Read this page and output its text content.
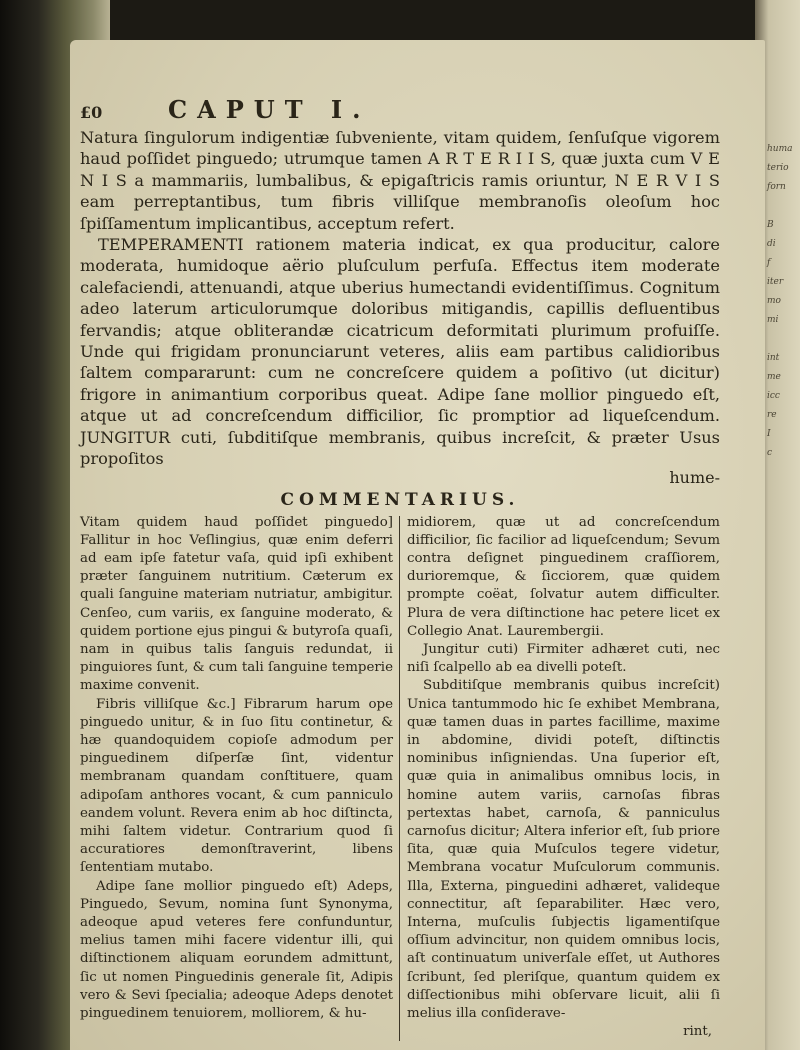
huma
terio
forn

B
di
f
iter
mo
mi

int
me
icc
re
I
c
£0	CAPUT I.

Natura ſingulorum indigentiæ ſubveniente, vitam quidem, ſenſuſque vigorem haud poſſidet pinguedo; utrumque tamen A R T E R I I S, quæ juxta cum V E N I S a mammariis, lumbalibus, & epigaſtricis ramis oriuntur, N E R V I S eam perreptantibus, tum fibris villiſque membranoſis oleoſum hoc ſpiſſamentum implicantibus, acceptum refert.

TEMPERAMENTI rationem materia indicat, ex qua producitur, calore moderata, humidoque aërio pluſculum perfuſa. Effectus item moderate calefaciendi, attenuandi, atque uberius humectandi evidentiſſimus. Cognitum adeo laterum articulorumque doloribus mitigandis, capillis defluentibus fervandis; atque obliterandæ cicatricum deformitati plurimum profuiſſe. Unde qui frigidam pronunciarunt veteres, aliis eam partibus calidioribus ſaltem compararunt: cum ne concreſcere quidem a poſitivo (ut dicitur) frigore in animantium corporibus queat. Adipe ſane mollior pinguedo eſt, atque ut ad concreſcendum difficilior, ſic promptior ad liqueſcendum. JUNGITUR cuti, ſubditiſque membranis, quibus increſcit, & præter Usus propoſitos

hume-
COMMENTARIUS.

Vitam quidem haud poſſidet pinguedo] Fallitur in hoc Veſlingius, quæ enim deferri ad eam ipſe fatetur vaſa, quid ipſi exhibent præter ſanguinem nutritium. Cæterum ex quali ſanguine materiam nutriatur, ambigitur. Cenſeo, cum variis, ex ſanguine moderato, & quidem portione ejus pingui & butyroſa quaſi, nam in quibus talis ſanguis redundat, ii pinguiores ſunt, & cum tali ſanguine temperie maxime convenit.

Fibris villiſque &c.] Fibrarum harum ope pinguedo unitur, & in ſuo ſitu continetur, & hæ quandoquidem copioſe admodum per pinguedinem diſperſæ ſint, videntur membranam quandam conſtituere, quam adipoſam anthores vocant, & cum panniculo eandem volunt. Revera enim ab hoc diſtincta, mihi ſaltem videtur. Contrarium quod ſi accuratiores demonſtraverint, libens ſententiam mutabo.

Adipe ſane mollior pinguedo eſt) Adeps, Pinguedo, Sevum, nomina ſunt Synonyma, adeoque apud veteres fere confunduntur, melius tamen mihi facere videntur illi, qui diſtinctionem aliquam eorundem admittunt, ſic ut nomen Pinguedinis generale ſit, Adipis vero & Sevi ſpecialia; adeoque Adeps denotet pinguedinem tenuiorem, molliorem, & hu-

midiorem, quæ ut ad concreſcendum difficilior, ſic facilior ad liqueſcendum; Sevum contra deſignet pinguedinem craſſiorem, durioremque, & ſicciorem, quæ quidem prompte coëat, ſolvatur autem difficulter. Plura de vera diſtinctione hac petere licet ex Collegio Anat. Laurembergii.

Jungitur cuti) Firmiter adhæret cuti, nec niſi ſcalpello ab ea divelli poteſt.

Subditiſque membranis quibus increſcit) Unica tantummodo hic ſe exhibet Membrana, quæ tamen duas in partes facillime, maxime in abdomine, dividi poteſt, diſtinctis nominibus inſigniendas. Una ſuperior eſt, quæ quia in animalibus omnibus locis, in homine autem variis, carnoſas fibras pertextas habet, carnoſa, & panniculus carnoſus dicitur; Altera inferior eſt, ſub priore ſita, quæ quia Muſculos tegere videtur, Membrana vocatur Muſculorum communis. Illa, Externa, pinguedini adhæret, valideque connectitur, aſt ſeparabiliter. Hæc vero, Interna, muſculis ſubjectis ligamentiſque oſſium advincitur, non quidem omnibus locis, aſt continuatum univerſale eſſet, ut Authores ſcribunt, ſed pleriſque, quantum quidem ex diſſectionibus mihi obſervare licuit, alii ſi melius illa conſiderave-

rint,
